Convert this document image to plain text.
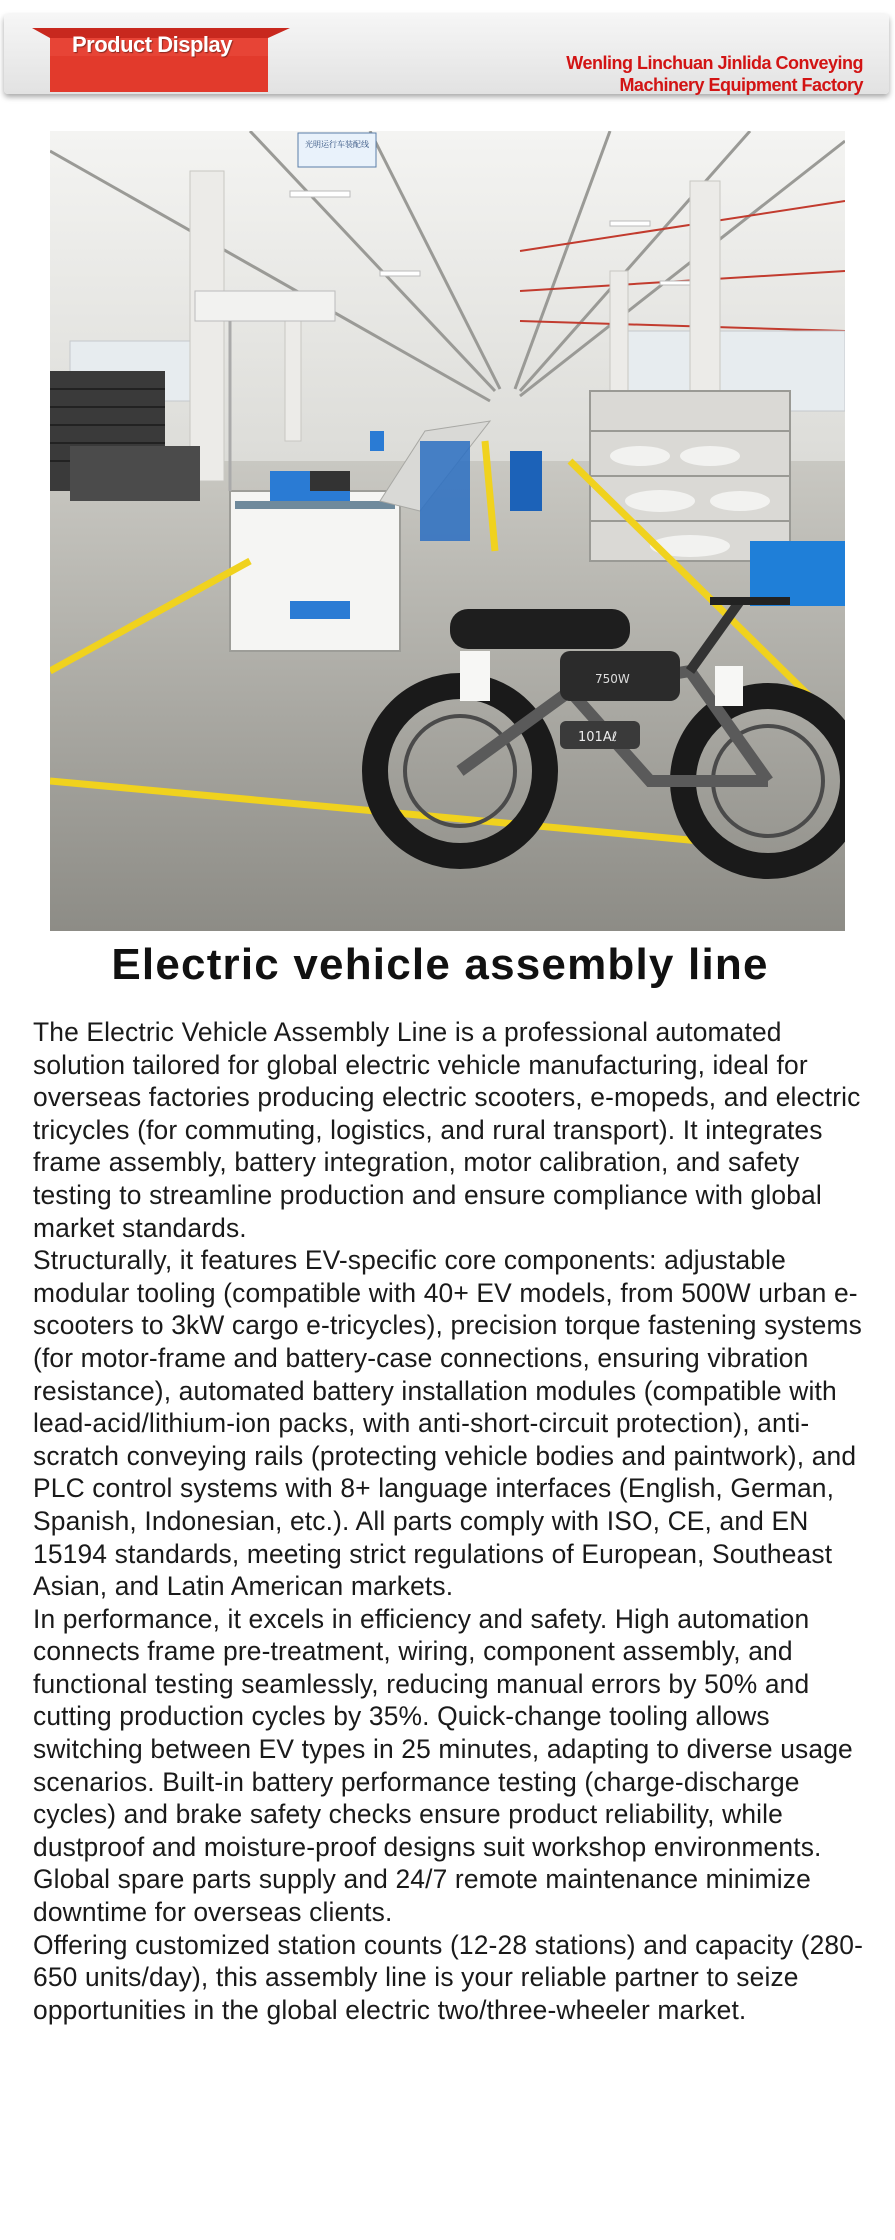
Product Display
Wenling Linchuan Jinlida Conveying
Machinery Equipment Factory
光明运行车装配线
750W
101Aℓ
Electric vehicle assembly line

The Electric Vehicle Assembly Line is a professional automated solution tailored for global electric vehicle manufacturing, ideal for overseas factories producing electric scooters, e-mopeds, and electric tricycles (for commuting, logistics, and rural transport). It integrates frame assembly, battery integration, motor calibration, and safety testing to streamline production and ensure compliance with global market standards.

Structurally, it features EV-specific core components: adjustable modular tooling (compatible with 40+ EV models, from 500W urban e-scooters to 3kW cargo e-tricycles), precision torque fastening systems (for motor-frame and battery-case connections, ensuring vibration resistance), automated battery installation modules (compatible with lead-acid/lithium-ion packs, with anti-short-circuit protection), anti-scratch conveying rails (protecting vehicle bodies and paintwork), and PLC control systems with 8+ language interfaces (English, German, Spanish, Indonesian, etc.). All parts comply with ISO, CE, and EN 15194 standards, meeting strict regulations of European, Southeast Asian, and Latin American markets.

In performance, it excels in efficiency and safety. High automation connects frame pre-treatment, wiring, component assembly, and functional testing seamlessly, reducing manual errors by 50% and cutting production cycles by 35%. Quick-change tooling allows switching between EV types in 25 minutes, adapting to diverse usage scenarios. Built-in battery performance testing (charge-discharge cycles) and brake safety checks ensure product reliability, while dustproof and moisture-proof designs suit workshop environments. Global spare parts supply and 24/7 remote maintenance minimize downtime for overseas clients.

Offering customized station counts (12-28 stations) and capacity (280-650 units/day), this assembly line is your reliable partner to seize opportunities in the global electric two/three-wheeler market.
